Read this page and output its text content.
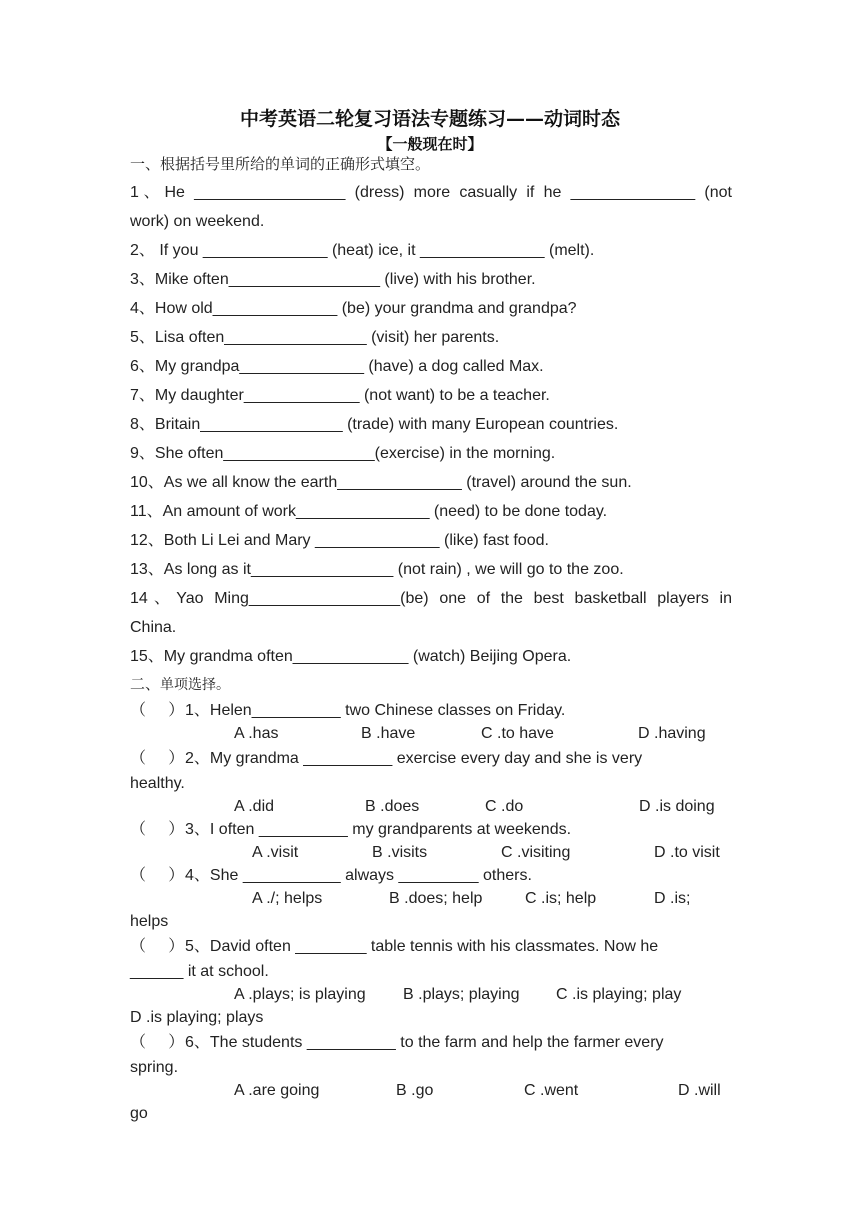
中考英语二轮复习语法专题练习——动词时态
【一般现在时】
一、根据括号里所给的单词的正确形式填空。
1、He _________________ (dress) more casually if he ______________ (not
work) on weekend.
2、 If you ______________ (heat) ice, it ______________ (melt).
3、Mike often_________________ (live) with his brother.
4、How old______________ (be) your grandma and grandpa?
5、Lisa often________________ (visit) her parents.
6、My grandpa______________ (have) a dog called Max.
7、My daughter_____________ (not want) to be a teacher.
8、Britain________________ (trade) with many European countries.
9、She often_________________(exercise) in the morning.
10、As we all know the earth______________ (travel) around the sun.
11、An amount of work_______________ (need) to be done today.
12、Both Li Lei and Mary ______________ (like) fast food.
13、As long as it________________ (not rain) , we will go to the zoo.
14、Yao Ming_________________(be) one of the best basketball players in
China.
15、My grandma often_____________ (watch) Beijing Opera.
二、单项选择。
（ ）1、Helen__________ two Chinese classes on Friday.
A .has	B .have	C .to have	D .having
（ ）2、My grandma __________ exercise every day and she is very
healthy.
A .did	B .does	C .do	D .is doing
（ ）3、I often __________ my grandparents at weekends.
A .visit	B .visits	C .visiting	D .to visit
（ ）4、She ___________ always _________ others.
A ./; helps	B .does; help	C .is; help	D .is;
helps
（ ）5、David often ________ table tennis with his classmates. Now he
______ it at school.
A .plays; is playing B .plays; playing C .is playing; play
D .is playing; plays
（ ）6、The students __________ to the farm and help the farmer every
spring.
A .are going	B .go	C .went	D .will
go
